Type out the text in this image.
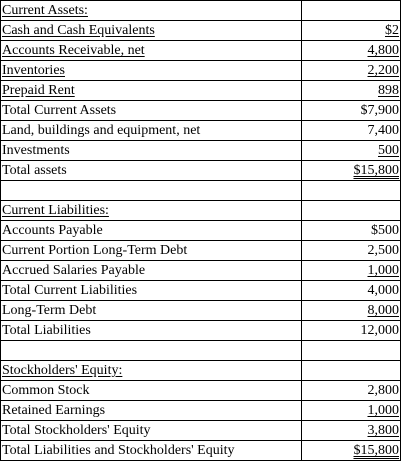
Current Assets:	
Cash and Cash Equivalents	$2
Accounts Receivable, net	4,800
Inventories	2,200
Prepaid Rent	898
Total Current Assets	$7,900
Land, buildings and equipment, net	7,400
Investments	500
Total assets	$15,800

Current Liabilities:	
Accounts Payable	$500
Current Portion Long-Term Debt	2,500
Accrued Salaries Payable	1,000
Total Current Liabilities	4,000
Long-Term Debt	8,000
Total Liabilities	12,000

Stockholders' Equity:	
Common Stock	2,800
Retained Earnings	1,000
Total Stockholders' Equity	3,800
Total Liabilities and Stockholders' Equity	$15,800
